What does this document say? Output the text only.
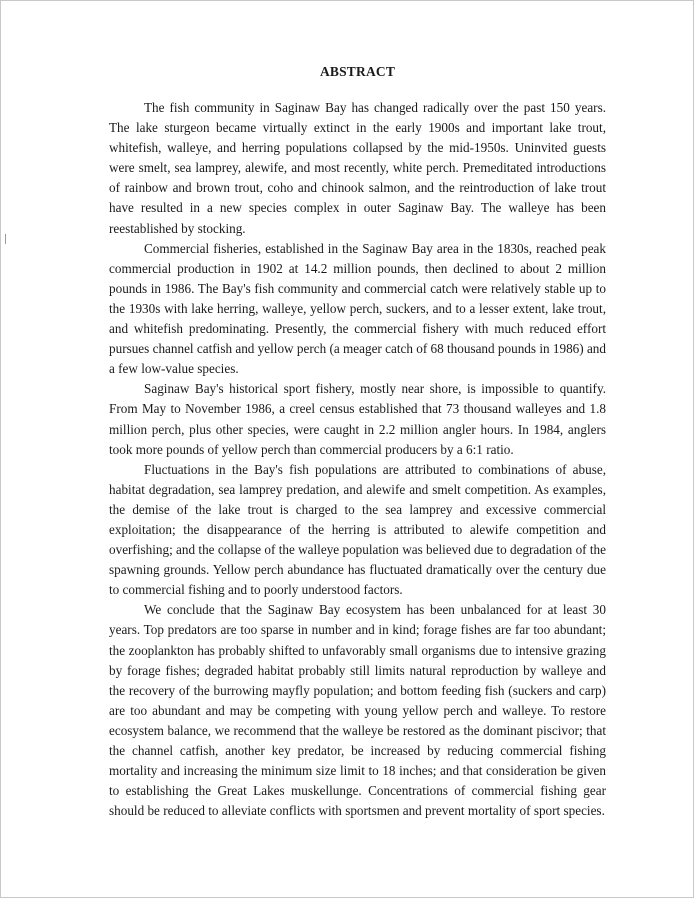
ABSTRACT

The fish community in Saginaw Bay has changed radically over the past 150 years. The lake sturgeon became virtually extinct in the early 1900s and important lake trout, whitefish, walleye, and herring populations collapsed by the mid-1950s. Uninvited guests were smelt, sea lamprey, alewife, and most recently, white perch. Premeditated introductions of rainbow and brown trout, coho and chinook salmon, and the reintroduction of lake trout have resulted in a new species complex in outer Saginaw Bay. The walleye has been reestablished by stocking.

Commercial fisheries, established in the Saginaw Bay area in the 1830s, reached peak commercial production in 1902 at 14.2 million pounds, then declined to about 2 million pounds in 1986. The Bay's fish community and commercial catch were relatively stable up to the 1930s with lake herring, walleye, yellow perch, suckers, and to a lesser extent, lake trout, and whitefish predominating. Presently, the commercial fishery with much reduced effort pursues channel catfish and yellow perch (a meager catch of 68 thousand pounds in 1986) and a few low-value species.

Saginaw Bay's historical sport fishery, mostly near shore, is impossible to quantify. From May to November 1986, a creel census established that 73 thousand walleyes and 1.8 million perch, plus other species, were caught in 2.2 million angler hours. In 1984, anglers took more pounds of yellow perch than commercial producers by a 6:1 ratio.

Fluctuations in the Bay's fish populations are attributed to combinations of abuse, habitat degradation, sea lamprey predation, and alewife and smelt competition. As examples, the demise of the lake trout is charged to the sea lamprey and excessive commercial exploitation; the disappearance of the herring is attributed to alewife competition and overfishing; and the collapse of the walleye population was believed due to degradation of the spawning grounds. Yellow perch abundance has fluctuated dramatically over the century due to commercial fishing and to poorly understood factors.

We conclude that the Saginaw Bay ecosystem has been unbalanced for at least 30 years. Top predators are too sparse in number and in kind; forage fishes are far too abundant; the zooplankton has probably shifted to unfavorably small organisms due to intensive grazing by forage fishes; degraded habitat probably still limits natural reproduction by walleye and the recovery of the burrowing mayfly population; and bottom feeding fish (suckers and carp) are too abundant and may be competing with young yellow perch and walleye. To restore ecosystem balance, we recommend that the walleye be restored as the dominant piscivor; that the channel catfish, another key predator, be increased by reducing commercial fishing mortality and increasing the minimum size limit to 18 inches; and that consideration be given to establishing the Great Lakes muskellunge. Concentrations of commercial fishing gear should be reduced to alleviate conflicts with sportsmen and prevent mortality of sport species.
